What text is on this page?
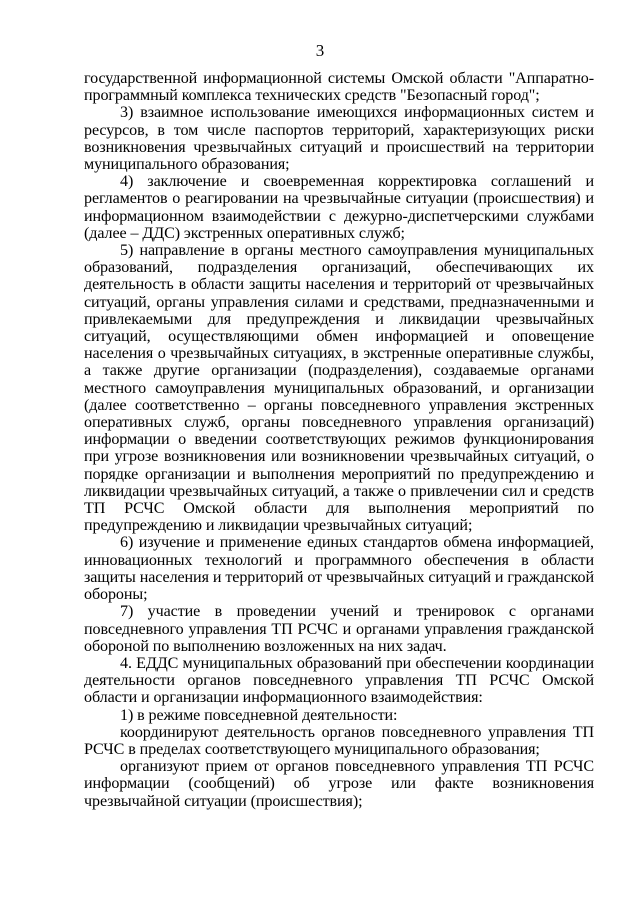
3

государственной информационной системы Омской области "Аппаратно-программный комплекса технических средств "Безопасный город";

3) взаимное использование имеющихся информационных систем и ресурсов, в том числе паспортов территорий, характеризующих риски возникновения чрезвычайных ситуаций и происшествий на территории муниципального образования;

4) заключение и своевременная корректировка соглашений и регламентов о реагировании на чрезвычайные ситуации (происшествия) и информационном взаимодействии с дежурно-диспетчерскими службами (далее – ДДС) экстренных оперативных служб;

5) направление в органы местного самоуправления муниципальных образований, подразделения организаций, обеспечивающих их деятельность в области защиты населения и территорий от чрезвычайных ситуаций, органы управления силами и средствами, предназначенными и привлекаемыми для предупреждения и ликвидации чрезвычайных ситуаций, осуществляющими обмен информацией и оповещение населения о чрезвычайных ситуациях, в экстренные оперативные службы, а также другие организации (подразделения), создаваемые органами местного самоуправления муниципальных образований, и организации (далее соответственно – органы повседневного управления экстренных оперативных служб, органы повседневного управления организаций) информации о введении соответствующих режимов функционирования при угрозе возникновения или возникновении чрезвычайных ситуаций, о порядке организации и выполнения мероприятий по предупреждению и ликвидации чрезвычайных ситуаций, а также о привлечении сил и средств ТП РСЧС Омской области для выполнения мероприятий по предупреждению и ликвидации чрезвычайных ситуаций;

6) изучение и применение единых стандартов обмена информацией, инновационных технологий и программного обеспечения в области защиты населения и территорий от чрезвычайных ситуаций и гражданской обороны;

7) участие в проведении учений и тренировок с органами повседневного управления ТП РСЧС и органами управления гражданской обороной по выполнению возложенных на них задач.

4. ЕДДС муниципальных образований при обеспечении координации деятельности органов повседневного управления ТП РСЧС Омской области и организации информационного взаимодействия:

1) в режиме повседневной деятельности:

координируют деятельность органов повседневного управления ТП РСЧС в пределах соответствующего муниципального образования;

организуют прием от органов повседневного управления ТП РСЧС информации (сообщений) об угрозе или факте возникновения чрезвычайной ситуации (происшествия);
